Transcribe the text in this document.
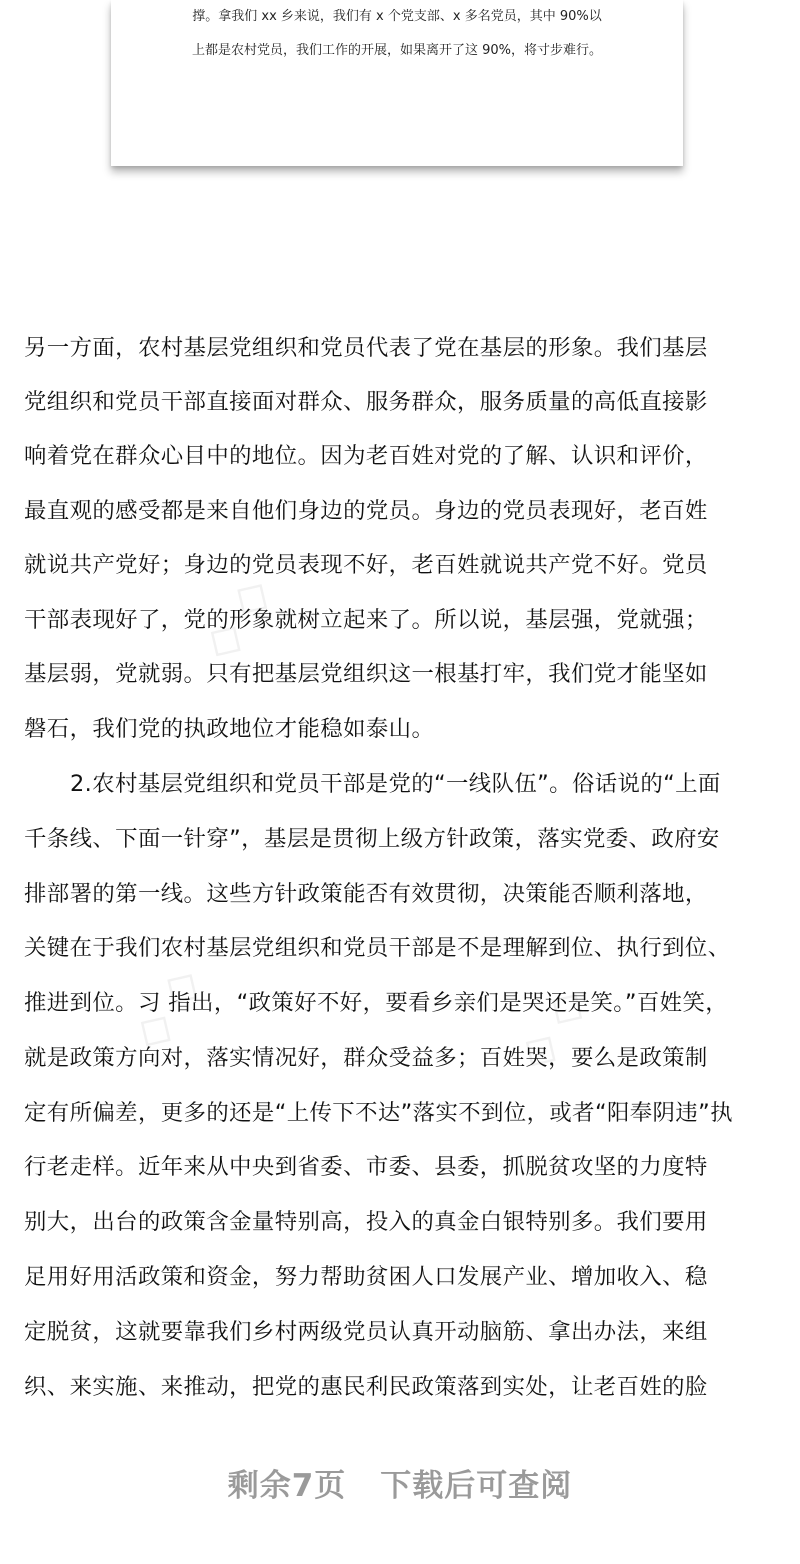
撑。拿我们 xx 乡来说，我们有 x 个党支部、x 多名党员，其中 90%以
上都是农村党员，我们工作的开展，如果离开了这 90%，将寸步难行。
◇ ◇
◇ ◇	◇ ◇
另一方面，农村基层党组织和党员代表了党在基层的形象。我们基层
党组织和党员干部直接面对群众、服务群众，服务质量的高低直接影
响着党在群众心目中的地位。因为老百姓对党的了解、认识和评价，
最直观的感受都是来自他们身边的党员。身边的党员表现好，老百姓
就说共产党好；身边的党员表现不好，老百姓就说共产党不好。党员
干部表现好了，党的形象就树立起来了。所以说，基层强，党就强；
基层弱，党就弱。只有把基层党组织这一根基打牢，我们党才能坚如
磐石，我们党的执政地位才能稳如泰山。
2.农村基层党组织和党员干部是党的“一线队伍”。俗话说的“上面
千条线、下面一针穿”，基层是贯彻上级方针政策，落实党委、政府安
排部署的第一线。这些方针政策能否有效贯彻，决策能否顺利落地，
关键在于我们农村基层党组织和党员干部是不是理解到位、执行到位、
推进到位。习 指出，“政策好不好，要看乡亲们是哭还是笑。”百姓笑，
就是政策方向对，落实情况好，群众受益多；百姓哭，要么是政策制
定有所偏差，更多的还是“上传下不达”落实不到位，或者“阳奉阴违”执
行老走样。近年来从中央到省委、市委、县委，抓脱贫攻坚的力度特
别大，出台的政策含金量特别高，投入的真金白银特别多。我们要用
足用好用活政策和资金，努力帮助贫困人口发展产业、增加收入、稳
定脱贫，这就要靠我们乡村两级党员认真开动脑筋、拿出办法，来组
织、来实施、来推动，把党的惠民利民政策落到实处，让老百姓的脸
剩余7页 下载后可查阅
